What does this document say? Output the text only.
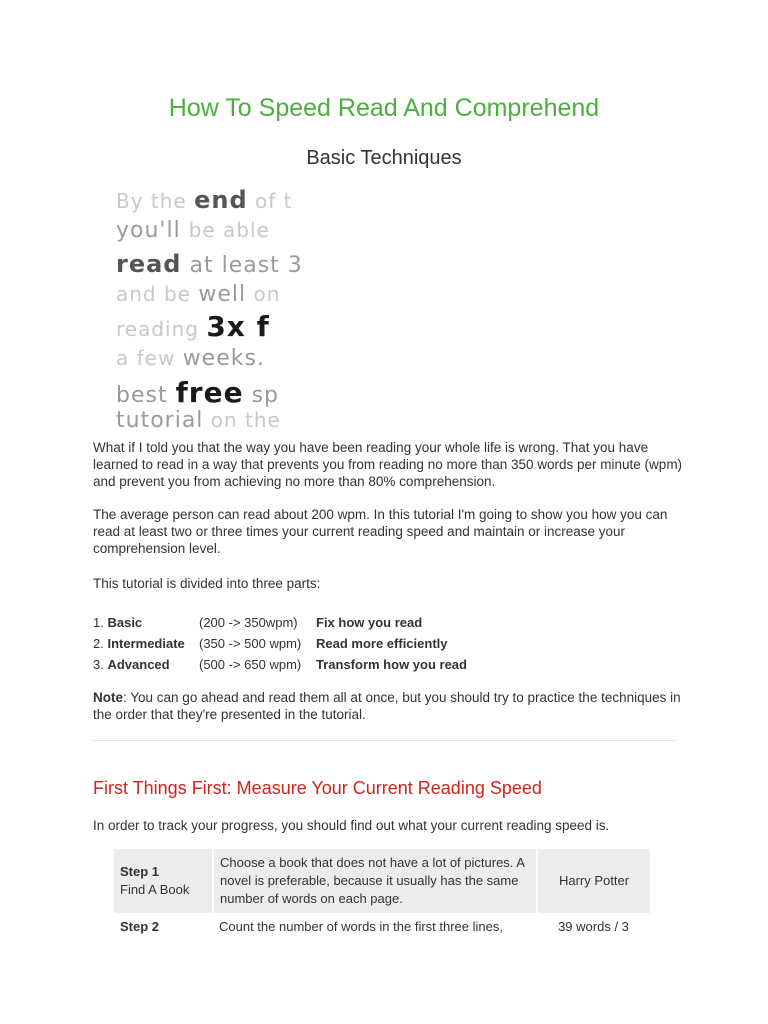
How To Speed Read And Comprehend
Basic Techniques
By the end of t
you'll be able
read at least 3
and be well on
reading 3x f
a few weeks.
best free sp
tutorial on the

What if I told you that the way you have been reading your whole life is wrong. That you have learned to read in a way that prevents you from reading no more than 350 words per minute (wpm) and prevent you from achieving no more than 80% comprehension.

The average person can read about 200 wpm. In this tutorial I'm going to show you how you can read at least two or three times your current reading speed and maintain or increase your comprehension level.

This tutorial is divided into three parts:

1. Basic	(200 -> 350wpm)	Fix how you read
2. Intermediate	(350 -> 500 wpm)	Read more efficiently
3. Advanced	(500 -> 650 wpm)	Transform how you read

Note: You can go ahead and read them all at once, but you should try to practice the techniques in the order that they're presented in the tutorial.

First Things First: Measure Your Current Reading Speed

In order to track your progress, you should find out what your current reading speed is.

Step 1
Find A Book	Choose a book that does not have a lot of pictures. A novel is preferable, because it usually has the same number of words on each page.	Harry Potter
Step 2	Count the number of words in the first three lines,	39 words / 3
